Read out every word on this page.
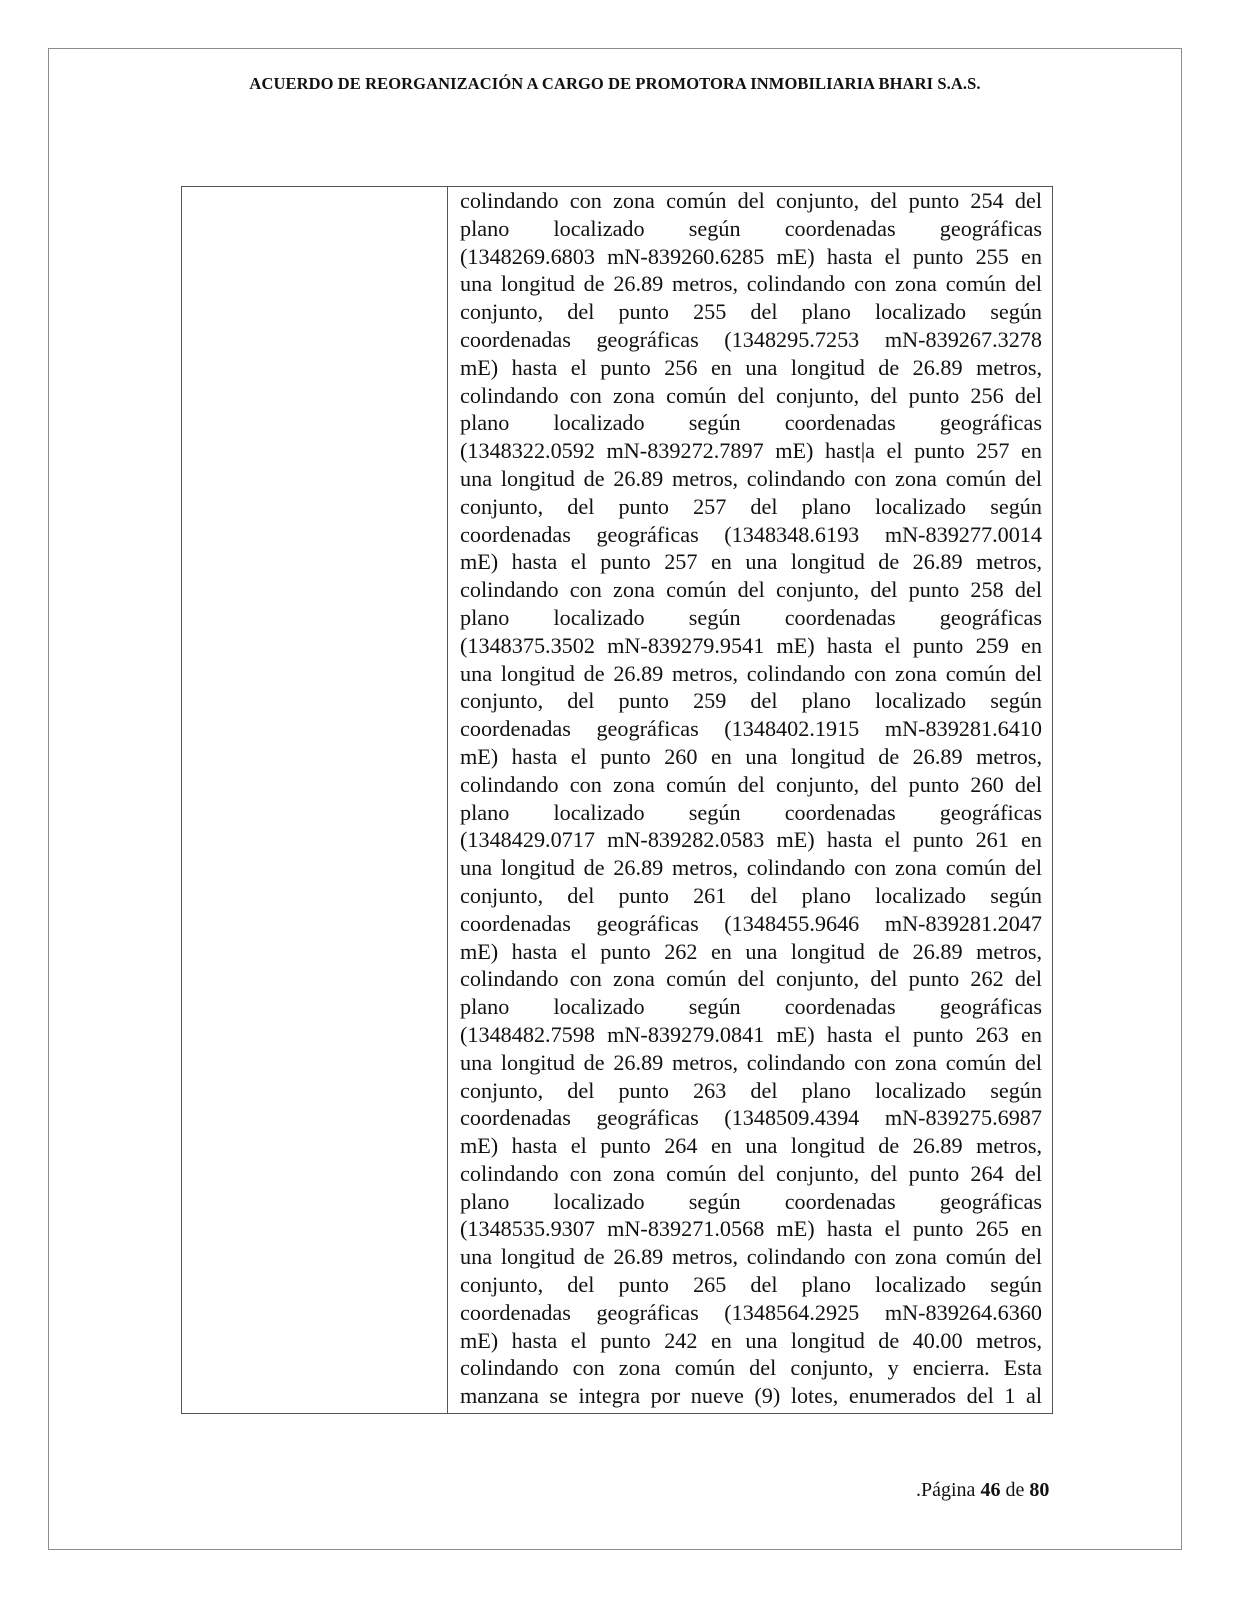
ACUERDO DE REORGANIZACIÓN A CARGO DE PROMOTORA INMOBILIARIA BHARI S.A.S.

colindando con zona común del conjunto, del punto 254 del
plano localizado según coordenadas geográficas
(1348269.6803 mN-839260.6285 mE) hasta el punto 255 en
una longitud de 26.89 metros, colindando con zona común del
conjunto, del punto 255 del plano localizado según
coordenadas geográficas (1348295.7253 mN-839267.3278
mE) hasta el punto 256 en una longitud de 26.89 metros,
colindando con zona común del conjunto, del punto 256 del
plano localizado según coordenadas geográficas
(1348322.0592 mN-839272.7897 mE) hast|a el punto 257 en
una longitud de 26.89 metros, colindando con zona común del
conjunto, del punto 257 del plano localizado según
coordenadas geográficas (1348348.6193 mN-839277.0014
mE) hasta el punto 257 en una longitud de 26.89 metros,
colindando con zona común del conjunto, del punto 258 del
plano localizado según coordenadas geográficas
(1348375.3502 mN-839279.9541 mE) hasta el punto 259 en
una longitud de 26.89 metros, colindando con zona común del
conjunto, del punto 259 del plano localizado según
coordenadas geográficas (1348402.1915 mN-839281.6410
mE) hasta el punto 260 en una longitud de 26.89 metros,
colindando con zona común del conjunto, del punto 260 del
plano localizado según coordenadas geográficas
(1348429.0717 mN-839282.0583 mE) hasta el punto 261 en
una longitud de 26.89 metros, colindando con zona común del
conjunto, del punto 261 del plano localizado según
coordenadas geográficas (1348455.9646 mN-839281.2047
mE) hasta el punto 262 en una longitud de 26.89 metros,
colindando con zona común del conjunto, del punto 262 del
plano localizado según coordenadas geográficas
(1348482.7598 mN-839279.0841 mE) hasta el punto 263 en
una longitud de 26.89 metros, colindando con zona común del
conjunto, del punto 263 del plano localizado según
coordenadas geográficas (1348509.4394 mN-839275.6987
mE) hasta el punto 264 en una longitud de 26.89 metros,
colindando con zona común del conjunto, del punto 264 del
plano localizado según coordenadas geográficas
(1348535.9307 mN-839271.0568 mE) hasta el punto 265 en
una longitud de 26.89 metros, colindando con zona común del
conjunto, del punto 265 del plano localizado según
coordenadas geográficas (1348564.2925 mN-839264.6360
mE) hasta el punto 242 en una longitud de 40.00 metros,
colindando con zona común del conjunto, y encierra. Esta
manzana se integra por nueve (9) lotes, enumerados del 1 al
.Página 46 de 80
